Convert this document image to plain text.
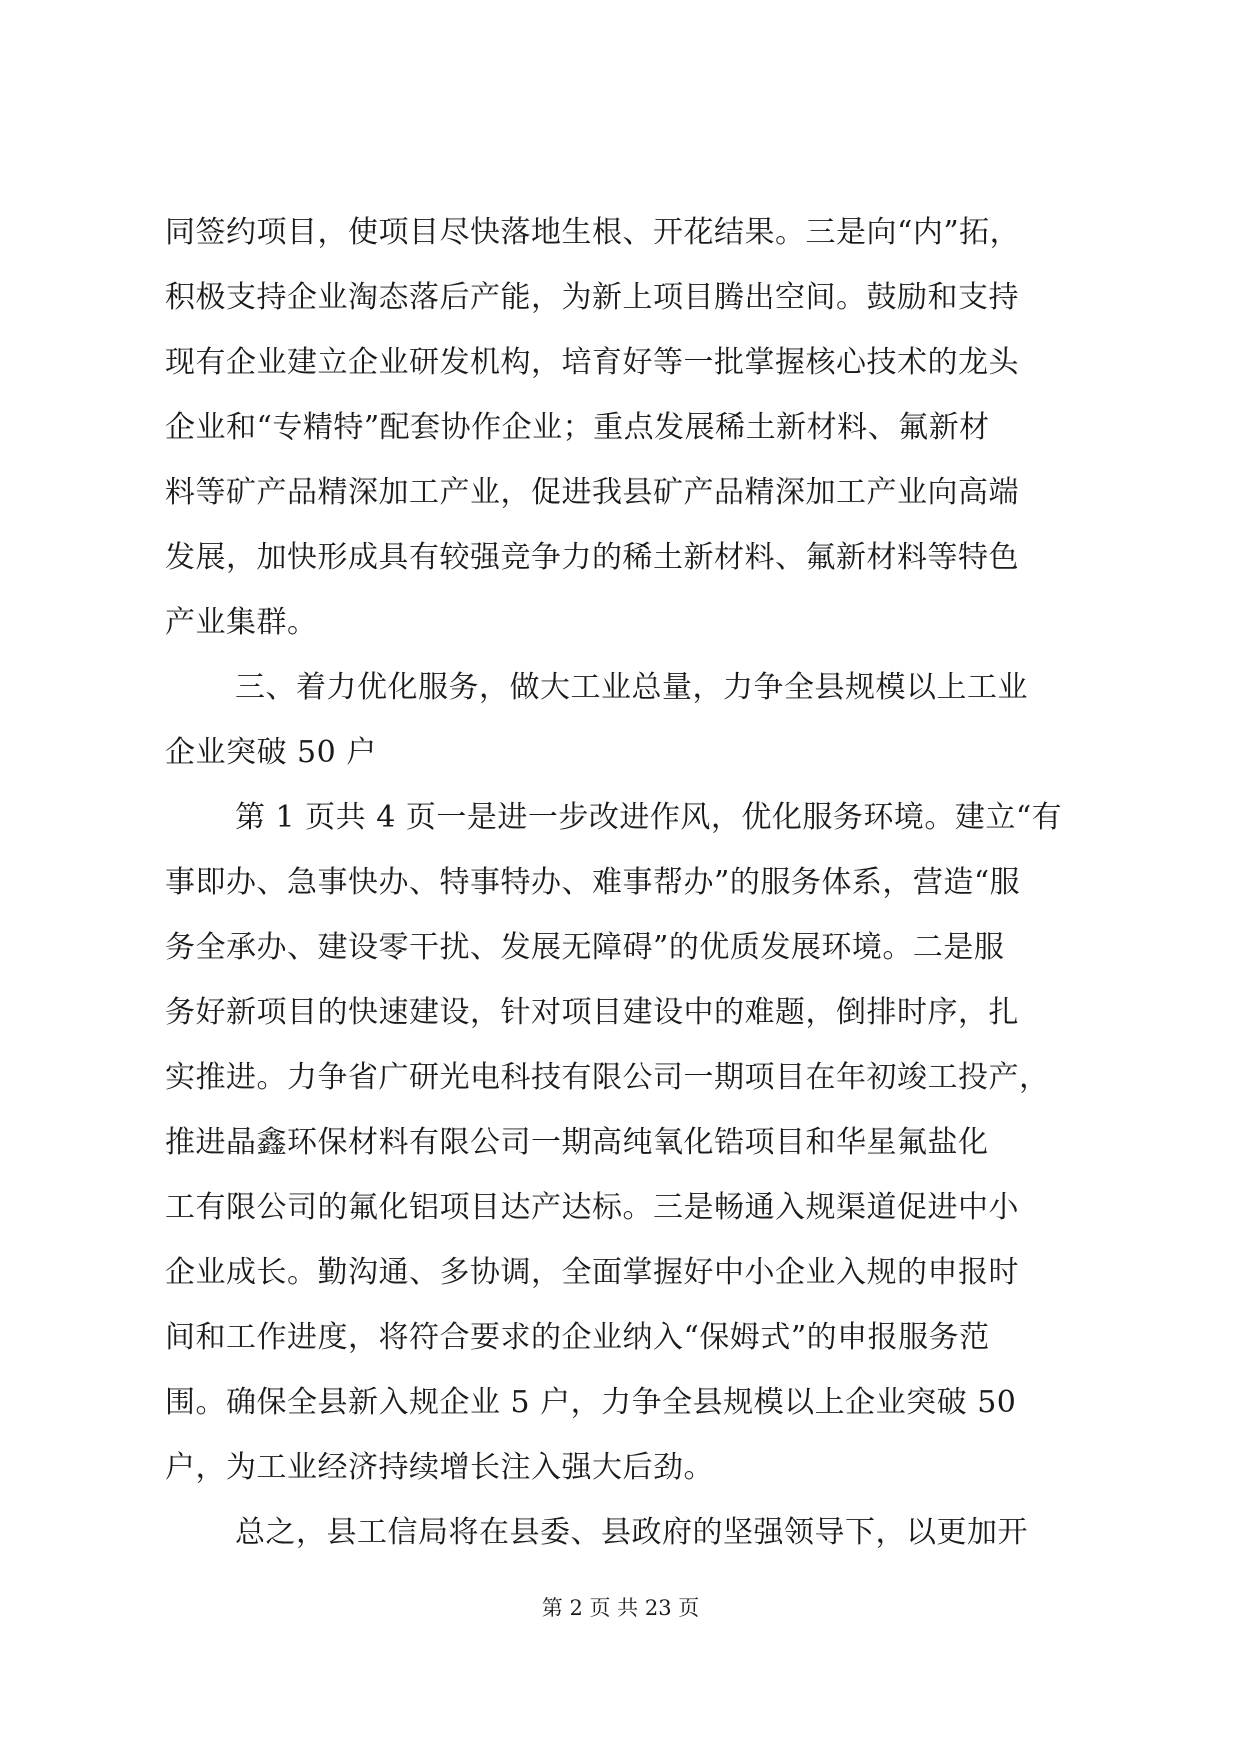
同签约项目，使项目尽快落地生根、开花结果。三是向“内”拓，
积极支持企业淘态落后产能，为新上项目腾出空间。鼓励和支持
现有企业建立企业研发机构，培育好等一批掌握核心技术的龙头
企业和“专精特”配套协作企业；重点发展稀土新材料、氟新材
料等矿产品精深加工产业，促进我县矿产品精深加工产业向高端
发展，加快形成具有较强竞争力的稀土新材料、氟新材料等特色
产业集群。
三、着力优化服务，做大工业总量，力争全县规模以上工业
企业突破 50 户
第 1 页共 4 页一是进一步改进作风，优化服务环境。建立“有
事即办、急事快办、特事特办、难事帮办”的服务体系，营造“服
务全承办、建设零干扰、发展无障碍”的优质发展环境。二是服
务好新项目的快速建设，针对项目建设中的难题，倒排时序，扎
实推进。力争省广研光电科技有限公司一期项目在年初竣工投产，
推进晶鑫环保材料有限公司一期高纯氧化锆项目和华星氟盐化
工有限公司的氟化铝项目达产达标。三是畅通入规渠道促进中小
企业成长。勤沟通、多协调，全面掌握好中小企业入规的申报时
间和工作进度，将符合要求的企业纳入“保姆式”的申报服务范
围。确保全县新入规企业 5 户，力争全县规模以上企业突破 50
户，为工业经济持续增长注入强大后劲。
总之，县工信局将在县委、县政府的坚强领导下，以更加开
第 2 页 共 23 页
